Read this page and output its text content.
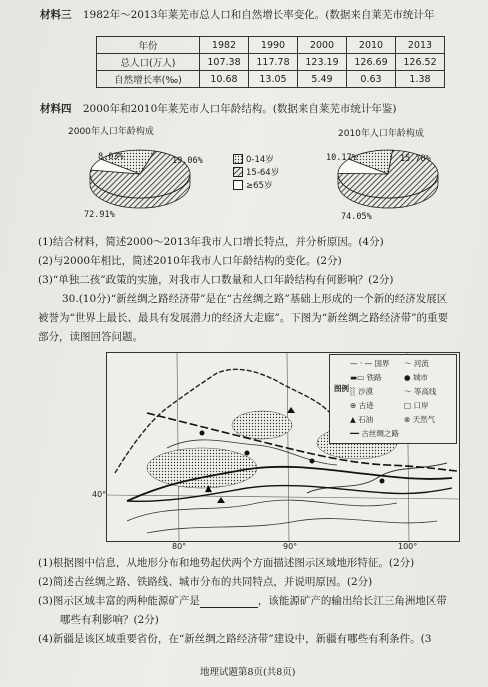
材料三 1982年～2013年莱芜市总人口和自然增长率变化。(数据来自莱芜市统计年
年份	1982	1990	2000	2010	2013
总人口(万人)	107.38	117.78	123.19	126.69	126.52
自然增长率(‰)	10.68	13.05	5.49	0.63	1.38
材料四 2000年和2010年莱芜市人口年龄结构。(数据来自莱芜市统计年鉴)
2000年人口年龄构成
8.03%	19.06%
72.91%
0-14岁
15-64岁
≥65岁
2010年人口年龄构成
10.17%	15.78%
74.05%
(1)结合材料，简述2000～2013年我市人口增长特点，并分析原因。(4分)
(2)与2000年相比，简述2010年我市人口年龄结构的变化。(2分)
(3)“单独二孩”政策的实施，对我市人口数量和人口年龄结构有何影响？(2分)
30.(10分)“新丝绸之路经济带”是在“古丝绸之路”基础上形成的一个新的经济发展区
被誉为“世界上最长、最具有发展潜力的经济大走廊”。下图为“新丝绸之路经济带”的重要
部分，读图回答问题。
▲
图例
— · — 国界 ～ 河流
▬▭ 铁路	● 城市
░ 沙漠	～ 等高线
⊕ 古迹	□ 口岸
▲ 石油	⊗ 天然气
━━ 古丝绸之路
40°
80°	90°	100°
(1)根据图中信息，从地形分布和地势起伏两个方面描述图示区域地形特征。(2分)
(2)简述古丝绸之路、铁路线、城市分布的共同特点，并说明原因。(2分)
(3)图示区域丰富的两种能源矿产是	，该能源矿产的输出给长江三角洲地区带
哪些有利影响？(2分)
(4)新疆是该区域重要省份，在“新丝绸之路经济带”建设中，新疆有哪些有利条件。(3
地理试题第8页(共8页)
